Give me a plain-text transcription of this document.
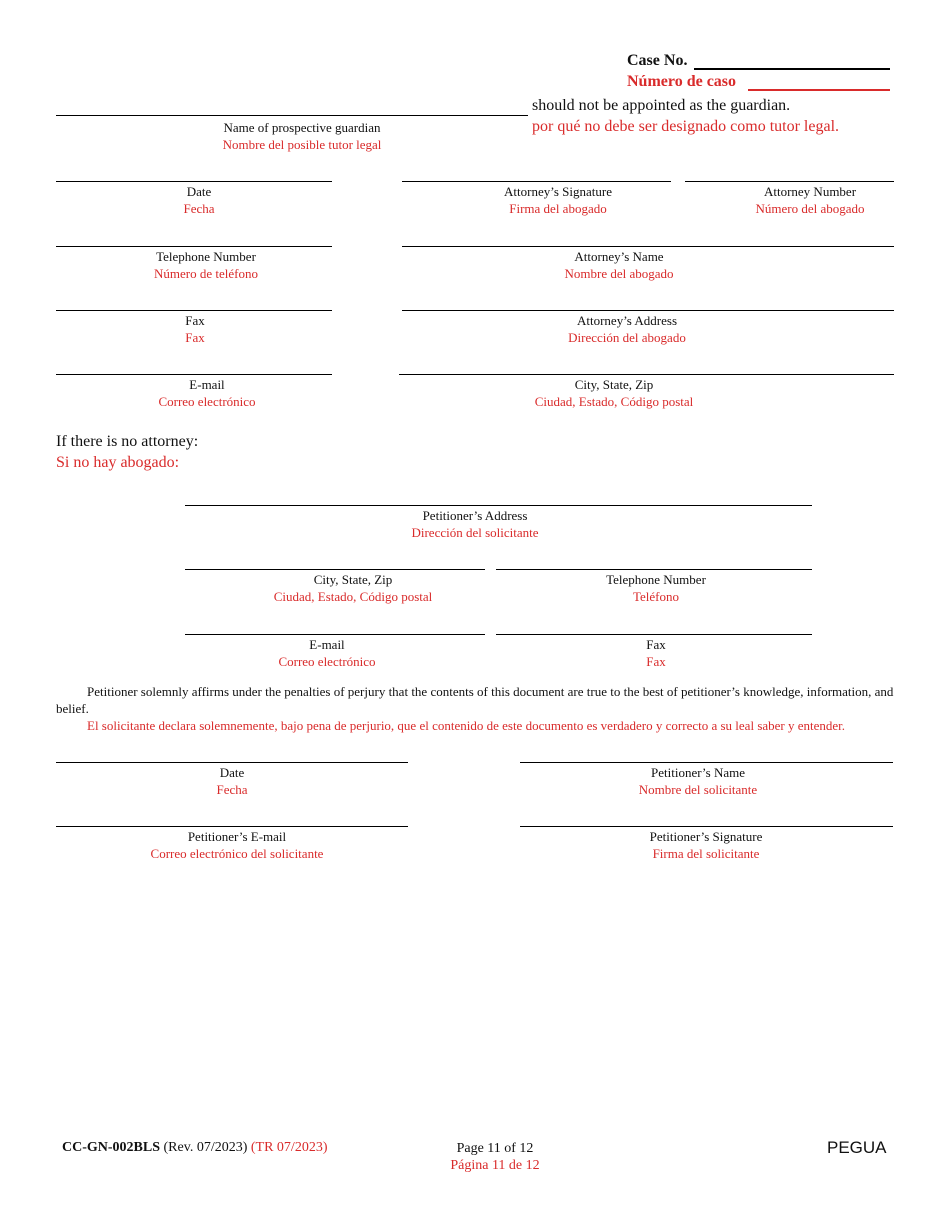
Case No.
Número de caso
should not be appointed as the guardian.
por qué no debe ser designado como tutor legal.
Name of prospective guardian
Nombre del posible tutor legal
Date
Fecha
Attorney’s Signature
Firma del abogado
Attorney Number
Número del abogado
Telephone Number
Número de teléfono
Attorney’s Name
Nombre del abogado
Fax
Fax
Attorney’s Address
Dirección del abogado
E-mail
Correo electrónico
City, State, Zip
Ciudad, Estado, Código postal
If there is no attorney:
Si no hay abogado:
Petitioner’s Address
Dirección del solicitante
City, State, Zip
Ciudad, Estado, Código postal
Telephone Number
Teléfono
E-mail
Correo electrónico
Fax
Fax
Petitioner solemnly affirms under the penalties of perjury that the contents of this document are true to the best of petitioner’s knowledge, information, and belief.
El solicitante declara solemnemente, bajo pena de perjurio, que el contenido de este documento es verdadero y correcto a su leal saber y entender.
Date
Fecha
Petitioner’s Name
Nombre del solicitante
Petitioner’s E-mail
Correo electrónico del solicitante
Petitioner’s Signature
Firma del solicitante
CC-GN-002BLS (Rev. 07/2023) (TR 07/2023)	Page 11 of 12
Página 11 de 12
PEGUA
